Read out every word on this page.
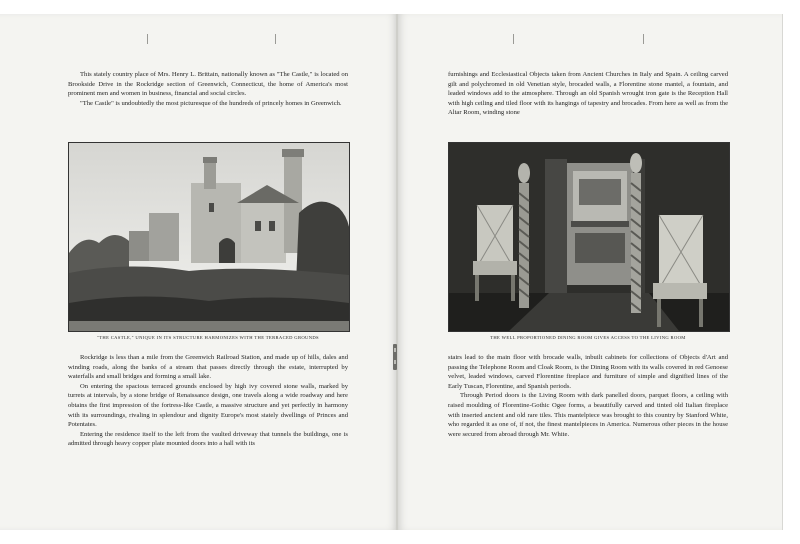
This stately country place of Mrs. Henry L. Brittain, nationally known as "The Castle," is located on Brookside Drive in the Rockridge section of Greenwich, Connecticut, the home of America's most prominent men and women in business, financial and social circles.

"The Castle" is undoubtedly the most picturesque of the hundreds of princely homes in Greenwich.

"THE CASTLE," UNIQUE IN ITS STRUCTURE HARMONIZES WITH THE TERRACED GROUNDS

Rockridge is less than a mile from the Greenwich Railroad Station, and made up of hills, dales and winding roads, along the banks of a stream that passes directly through the estate, interrupted by waterfalls and small bridges and forming a small lake.

On entering the spacious terraced grounds enclosed by high ivy covered stone walls, marked by turrets at intervals, by a stone bridge of Renaissance design, one travels along a wide roadway and here obtains the first impression of the fortress-like Castle, a massive structure and yet perfectly in harmony with its surroundings, rivaling in splendour and dignity Europe's most stately dwellings of Princes and Potentates.

Entering the residence itself to the left from the vaulted driveway that tunnels the buildings, one is admitted through heavy copper plate mounted doors into a hall with its

furnishings and Ecclesiastical Objects taken from Ancient Churches in Italy and Spain. A ceiling carved gilt and polychromed in old Venetian style, brocaded walls, a Florentine stone mantel, a fountain, and leaded windows add to the atmosphere. Through an old Spanish wrought iron gate is the Reception Hall with high ceiling and tiled floor with its hangings of tapestry and brocades. From here as well as from the Altar Room, winding stone

THE WELL PROPORTIONED DINING ROOM GIVES ACCESS TO THE LIVING ROOM

stairs lead to the main floor with brocade walls, inbuilt cabinets for collections of Objects d'Art and passing the Telephone Room and Cloak Room, is the Dining Room with its walls covered in red Genoese velvet, leaded windows, carved Florentine fireplace and furniture of simple and dignified lines of the Early Tuscan, Florentine, and Spanish periods.

Through Period doors is the Living Room with dark panelled doors, parquet floors, a ceiling with raised moulding of Florentine-Gothic Ogee forms, a beautifully carved and tinted old Italian fireplace with inserted ancient and old rare tiles. This mantelpiece was brought to this country by Stanford White, who regarded it as one of, if not, the finest mantelpieces in America. Numerous other pieces in the house were secured from abroad through Mr. White.
